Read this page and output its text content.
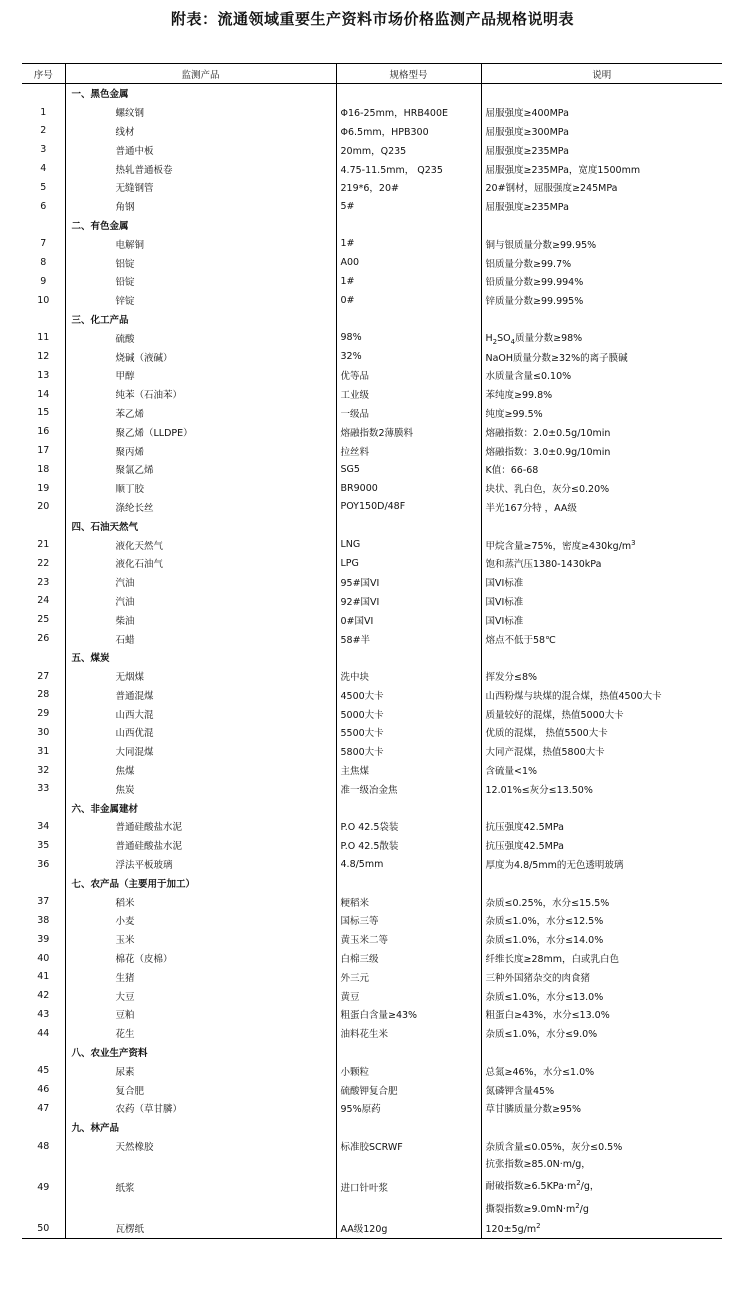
附表：流通领域重要生产资料市场价格监测产品规格说明表
序号	监测产品	规格型号	说明
	一、黑色金属		
1	螺纹钢	Φ16-25mm，HRB400E	屈服强度≥400MPa
2	线材	Φ6.5mm，HPB300	屈服强度≥300MPa
3	普通中板	20mm，Q235	屈服强度≥235MPa
4	热轧普通板卷	4.75-11.5mm， Q235	屈服强度≥235MPa，宽度1500mm
5	无缝钢管	219*6，20#	20#钢材，屈服强度≥245MPa
6	角钢	5#	屈服强度≥235MPa
	二、有色金属		
7	电解铜	1#	铜与银质量分数≥99.95%
8	铝锭	A00	铝质量分数≥99.7%
9	铅锭	1#	铅质量分数≥99.994%
10	锌锭	0#	锌质量分数≥99.995%
	三、化工产品		
11	硫酸	98%	$H_2SO_4$质量分数≥98%
12	烧碱（液碱）	32%	NaOH质量分数≥32%的离子膜碱
13	甲醇	优等品	水质量含量≤0.10%
14	纯苯（石油苯）	工业级	苯纯度≥99.8%
15	苯乙烯	一级品	纯度≥99.5%
16	聚乙烯（LLDPE）	熔融指数2薄膜料	熔融指数：2.0±0.5g/10min
17	聚丙烯	拉丝料	熔融指数：3.0±0.9g/10min
18	聚氯乙烯	SG5	K值：66-68
19	顺丁胶	BR9000	块状、乳白色，灰分≤0.20%
20	涤纶长丝	POY150D/48F	半光167分特 ，AA级
	四、石油天然气		
21	液化天然气	LNG	甲烷含量≥75%，密度$\ge 430kg/m^3$
22	液化石油气	LPG	饱和蒸汽压1380-1430kPa
23	汽油	95#国VI	国VI标准
24	汽油	92#国VI	国VI标准
25	柴油	0#国VI	国VI标准
26	石蜡	58#半	熔点不低于58℃
	五、煤炭		
27	无烟煤	洗中块	挥发分≤8%
28	普通混煤	4500大卡	山西粉煤与块煤的混合煤，热值4500大卡
29	山西大混	5000大卡	质量较好的混煤，热值5000大卡
30	山西优混	5500大卡	优质的混煤， 热值5500大卡
31	大同混煤	5800大卡	大同产混煤，热值5800大卡
32	焦煤	主焦煤	含硫量<1%
33	焦炭	准一级冶金焦	12.01%≤灰分≤13.50%
	六、非金属建材		
34	普通硅酸盐水泥	P.O 42.5袋装	抗压强度42.5MPa
35	普通硅酸盐水泥	P.O 42.5散装	抗压强度42.5MPa
36	浮法平板玻璃	4.8/5mm	厚度为4.8/5mm的无色透明玻璃
	七、农产品（主要用于加工）		
37	稻米	粳稻米	杂质≤0.25%，水分≤15.5%
38	小麦	国标三等	杂质≤1.0%，水分≤12.5%
39	玉米	黄玉米二等	杂质≤1.0%，水分≤14.0%
40	棉花（皮棉）	白棉三级	纤维长度≥28mm，白或乳白色
41	生猪	外三元	三种外国猪杂交的肉食猪
42	大豆	黄豆	杂质≤1.0%，水分≤13.0%
43	豆粕	粗蛋白含量≥43%	粗蛋白≥43%，水分≤13.0%
44	花生	油料花生米	杂质≤1.0%，水分≤9.0%
	八、农业生产资料		
45	尿素	小颗粒	总氮≥46%，水分≤1.0%
46	复合肥	硫酸钾复合肥	氮磷钾含量45%
47	农药（草甘膦）	95%原药	草甘膦质量分数≥95%
	九、林产品		
48	天然橡胶	标准胶SCRWF	杂质含量≤0.05%，灰分≤0.5%
49	纸浆	进口针叶浆	抗张指数≥85.0N·m/g，
耐破指数$\ge 6.5KPa\cdot m^2/g$，
撕裂指数$\ge 9.0mN\cdot m^2/g$

50	瓦楞纸	AA级120g	$120\pm 5g/m^2$
